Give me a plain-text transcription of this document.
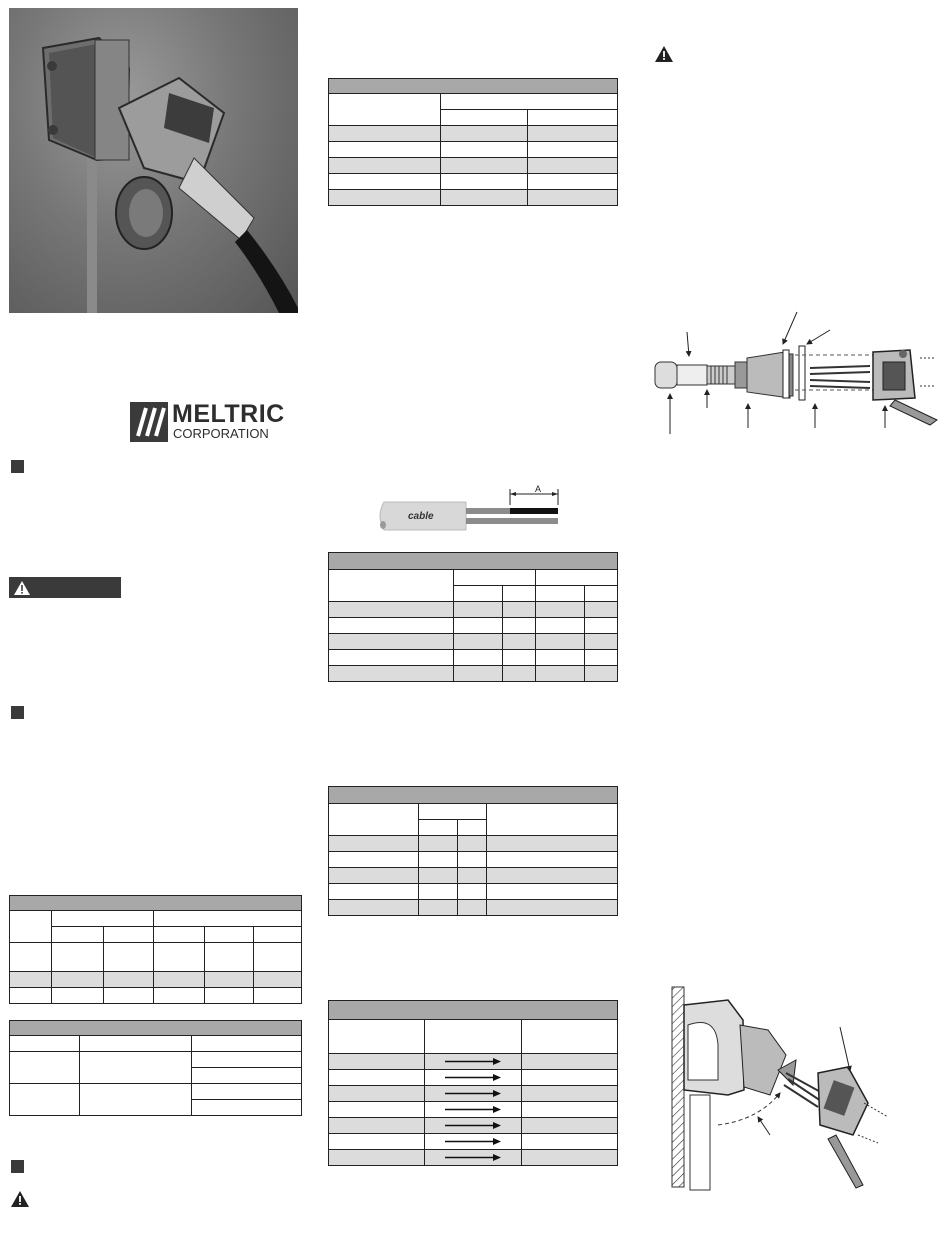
MELTRIC
CORPORATION

cable
A
